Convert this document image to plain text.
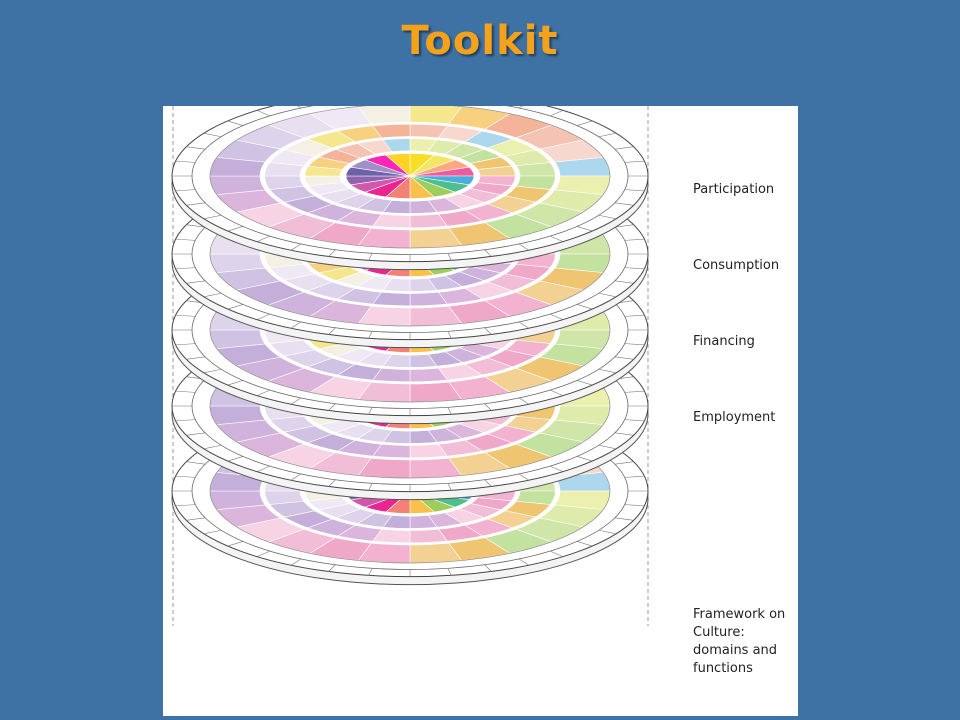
Toolkit
Participation
Consumption
Financing
Employment
Framework on Culture: domains and functions
